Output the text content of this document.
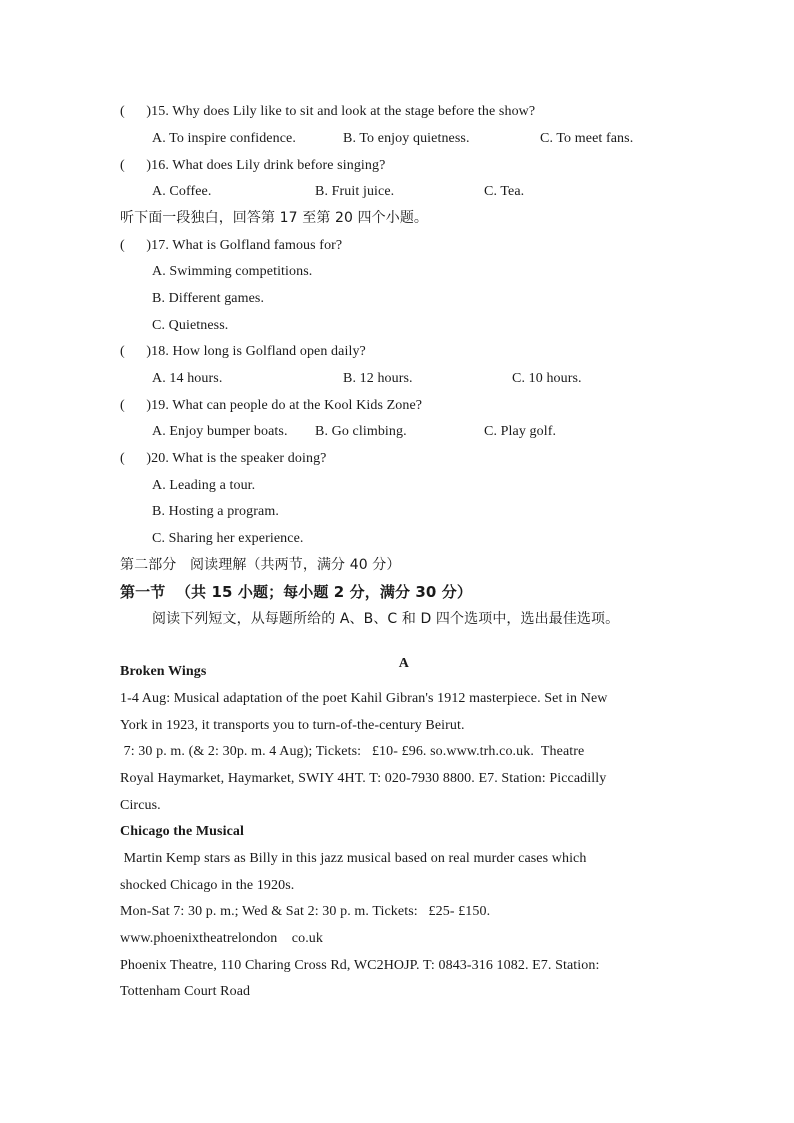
(      )15. Why does Lily like to sit and look at the stage before the show?

A. To inspire confidence.

	B. To enjoy quietness.

	C. To meet fans.

(      )16. What does Lily drink before singing?

A. Coffee.

	B. Fruit juice.

	C. Tea.

听下面一段独白，回答第 17 至第 20 四个小题。

(      )17. What is Golfland famous for?

A. Swimming competitions.

B. Different games.

C. Quietness.

(      )18. How long is Golfland open daily?

A. 14 hours.

	B. 12 hours.

	C. 10 hours.

(      )19. What can people do at the Kool Kids Zone?

A. Enjoy bumper boats.

B. Go climbing.

	C. Play golf.

(      )20. What is the speaker doing?

A. Leading a tour.

B. Hosting a program.

C. Sharing her experience.

第二部分   阅读理解（共两节，满分 40 分）

第一节  （共 15 小题；每小题 2 分，满分 30 分）

阅读下列短文，从每题所给的 A、B、C 和 D 四个选项中，选出最佳选项。

A

Broken Wings

1-4 Aug: Musical adaptation of the poet Kahil Gibran's 1912 masterpiece. Set in New

York in 1923, it transports you to turn-of-the-century Beirut.

7: 30 p. m. (& 2: 30p. m. 4 Aug); Tickets:   £10- £96. so.www.trh.co.uk.  Theatre

Royal Haymarket, Haymarket, SWIY 4HT. T: 020-7930 8800. E7. Station: Piccadilly

Circus.

Chicago the Musical

Martin Kemp stars as Billy in this jazz musical based on real murder cases which

shocked Chicago in the 1920s.

Mon-Sat 7: 30 p. m.; Wed & Sat 2: 30 p. m. Tickets:   £25- £150.

www.phoenixtheatrelondon    co.uk

Phoenix Theatre, 110 Charing Cross Rd, WC2HOJP. T: 0843-316 1082. E7. Station:

Tottenham Court Road
